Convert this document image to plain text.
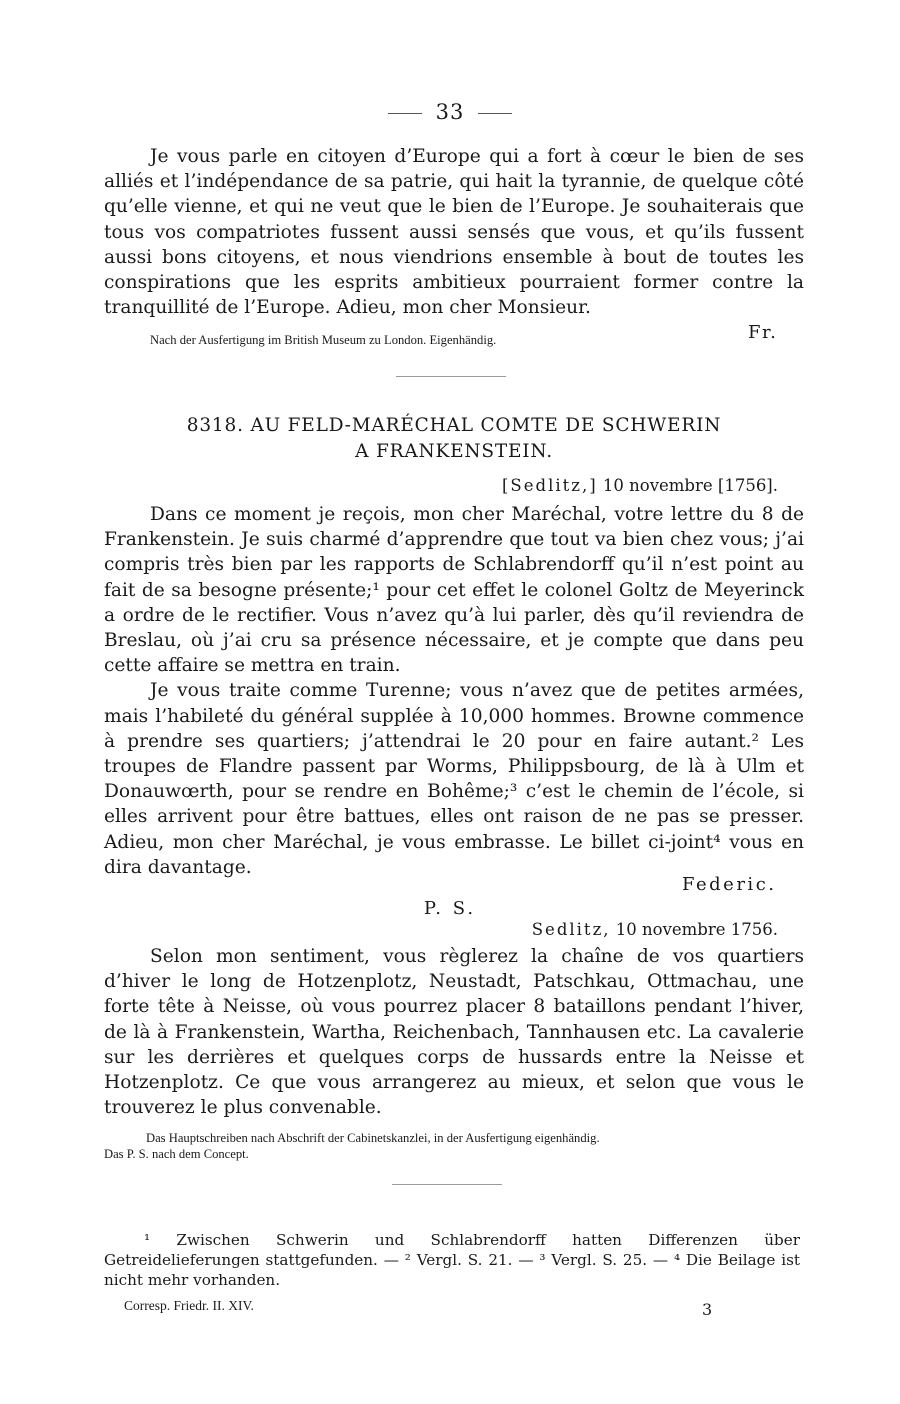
33

Je vous parle en citoyen d’Europe qui a fort à cœur le bien de ses alliés et l’indépendance de sa patrie, qui hait la tyrannie, de quelque côté qu’elle vienne, et qui ne veut que le bien de l’Europe. Je souhaiterais que tous vos compatriotes fussent aussi sensés que vous, et qu’ils fussent aussi bons citoyens, et nous viendrions ensemble à bout de toutes les conspirations que les esprits ambitieux pourraient former contre la tranquillité de l’Europe. Adieu, mon cher Monsieur.

Nach der Ausfertigung im British Museum zu London. Eigenhändig.	Fr.
8318. AU FELD-MARÉCHAL COMTE DE SCHWERIN
A FRANKENSTEIN.
[Sedlitz,] 10 novembre [1756].

Dans ce moment je reçois, mon cher Maréchal, votre lettre du 8 de Frankenstein. Je suis charmé d’apprendre que tout va bien chez vous; j’ai compris très bien par les rapports de Schlabrendorff qu’il n’est point au fait de sa besogne présente;¹ pour cet effet le colonel Goltz de Meyerinck a ordre de le rectifier. Vous n’avez qu’à lui parler, dès qu’il reviendra de Breslau, où j’ai cru sa présence nécessaire, et je compte que dans peu cette affaire se mettra en train.

Je vous traite comme Turenne; vous n’avez que de petites armées, mais l’habileté du général supplée à 10,000 hommes. Browne commence à prendre ses quartiers; j’attendrai le 20 pour en faire autant.² Les troupes de Flandre passent par Worms, Philippsbourg, de là à Ulm et Donauwœrth, pour se rendre en Bohême;³ c’est le chemin de l’école, si elles arrivent pour être battues, elles ont raison de ne pas se presser. Adieu, mon cher Maréchal, je vous embrasse. Le billet ci-joint⁴ vous en dira davantage.

Federic.
P. S.
Sedlitz, 10 novembre 1756.

Selon mon sentiment, vous règlerez la chaîne de vos quartiers d’hiver le long de Hotzenplotz, Neustadt, Patschkau, Ottmachau, une forte tête à Neisse, où vous pourrez placer 8 bataillons pendant l’hiver, de là à Frankenstein, Wartha, Reichenbach, Tannhausen etc. La cavalerie sur les derrières et quelques corps de hussards entre la Neisse et Hotzenplotz. Ce que vous arrangerez au mieux, et selon que vous le trouverez le plus convenable.

Das Hauptschreiben nach Abschrift der Cabinetskanzlei, in der Ausfertigung eigenhändig.

Das P. S. nach dem Concept.

¹ Zwischen Schwerin und Schlabrendorff hatten Differenzen über Getreidelieferungen stattgefunden. — ² Vergl. S. 21. — ³ Vergl. S. 25. — ⁴ Die Beilage ist nicht mehr vorhanden.

Corresp. Friedr. II. XIV.	3
